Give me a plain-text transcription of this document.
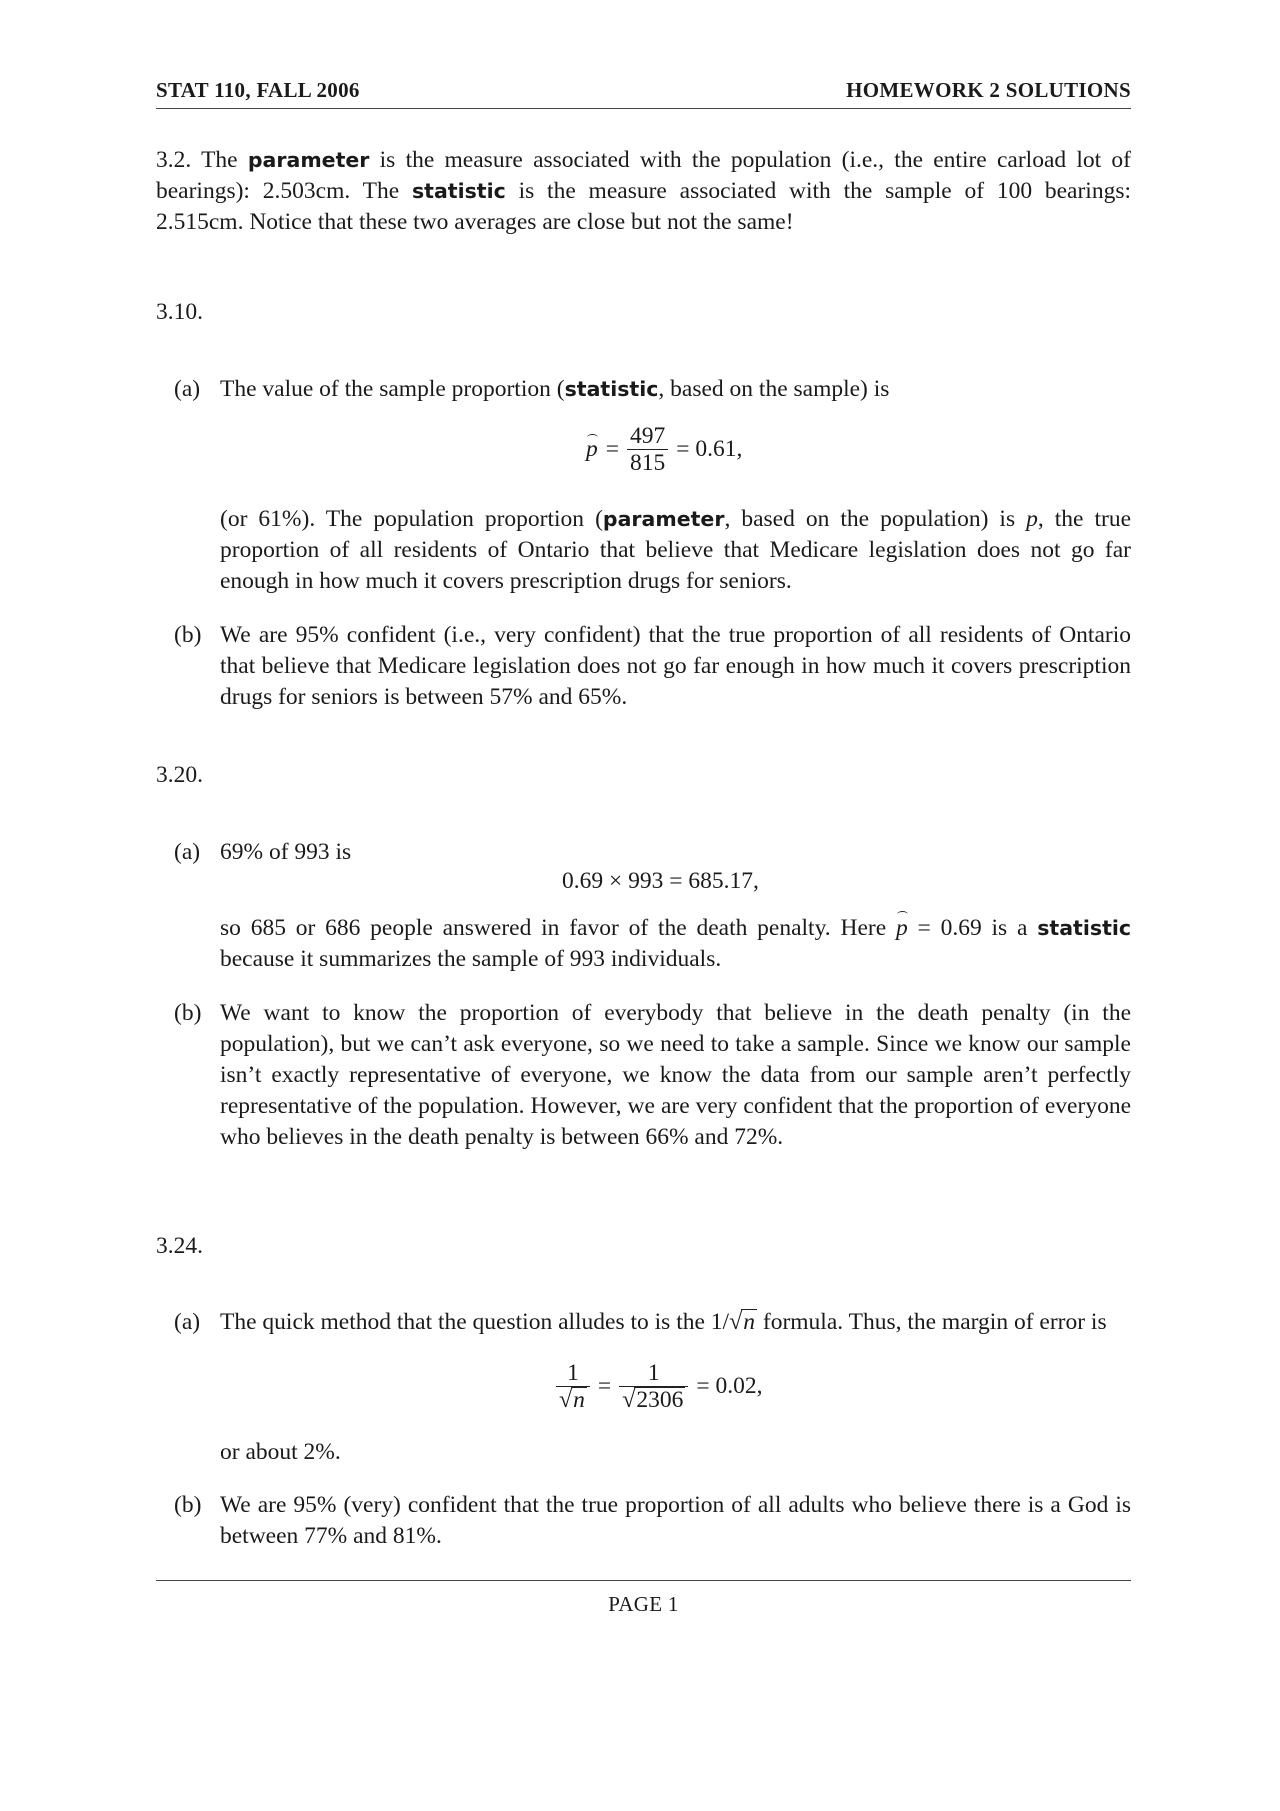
STAT 110, FALL 2006	HOMEWORK 2 SOLUTIONS
3.2. The parameter is the measure associated with the population (i.e., the entire carload lot of bearings): 2.503cm. The statistic is the measure associated with the sample of 100 bearings: 2.515cm. Notice that these two averages are close but not the same!
3.10.
(a) The value of the sample proportion (statistic, based on the sample) is
$p = \frac{497}{815} = 0.61$,
(or 61%). The population proportion (parameter, based on the population) is p, the true proportion of all residents of Ontario that believe that Medicare legislation does not go far enough in how much it covers prescription drugs for seniors.
(b) We are 95% confident (i.e., very confident) that the true proportion of all residents of Ontario that believe that Medicare legislation does not go far enough in how much it covers prescription drugs for seniors is between 57% and 65%.
3.20.
(a) 69% of 993 is
0.69 × 993 = 685.17,
so 685 or 686 people answered in favor of the death penalty. Here p = 0.69 is a statistic because it summarizes the sample of 993 individuals.
(b) We want to know the proportion of everybody that believe in the death penalty (in the population), but we can’t ask everyone, so we need to take a sample. Since we know our sample isn’t exactly representative of everyone, we know the data from our sample aren’t perfectly representative of the population. However, we are very confident that the proportion of everyone who believes in the death penalty is between 66% and 72%.
3.24.
(a) The quick method that the question alludes to is the 1/ √ n formula. Thus, the margin of error is
$\frac{1}{√ n} = \frac{1}{√ 2306} = 0.02$,
or about 2%.
(b) We are 95% (very) confident that the true proportion of all adults who believe there is a God is between 77% and 81%.
PAGE 1
